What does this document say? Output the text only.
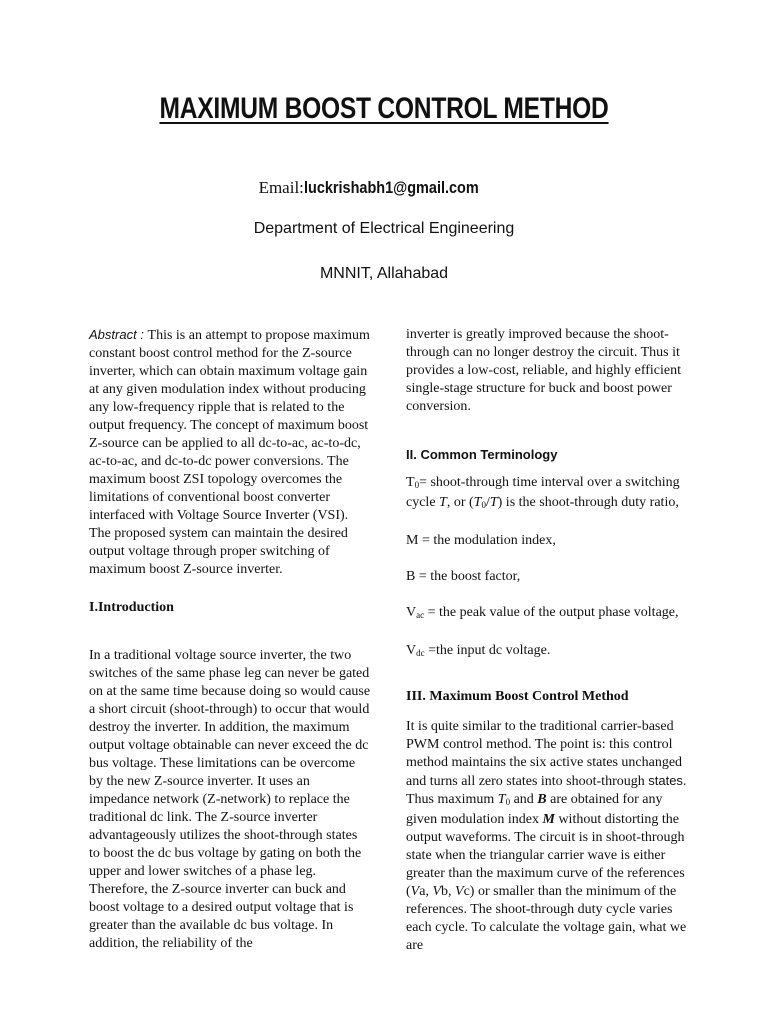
MAXIMUM BOOST CONTROL METHOD
Email:luckrishabh1@gmail.com
Department of Electrical Engineering
MNNIT, Allahabad

Abstract : This is an attempt to propose maximum constant boost control method for the Z-source inverter, which can obtain maximum voltage gain at any given modulation index without producing any low-frequency ripple that is related to the output frequency. The concept of maximum boost Z-source can be applied to all dc-to-ac, ac-to-dc, ac-to-ac, and dc-to-dc power conversions. The maximum boost ZSI topology overcomes the limitations of conventional boost converter interfaced with Voltage Source Inverter (VSI). The proposed system can maintain the desired output voltage through proper switching of maximum boost Z-source inverter.

I.Introduction

In a traditional voltage source inverter, the two switches of the same phase leg can never be gated on at the same time because doing so would cause a short circuit (shoot-through) to occur that would destroy the inverter. In addition, the maximum output voltage obtainable can never exceed the dc bus voltage. These limitations can be overcome by the new Z-source inverter. It uses an impedance network (Z-network) to replace the traditional dc link. The Z-source inverter advantageously utilizes the shoot-through states to boost the dc bus voltage by gating on both the upper and lower switches of a phase leg. Therefore, the Z-source inverter can buck and boost voltage to a desired output voltage that is greater than the available dc bus voltage. In addition, the reliability of the

inverter is greatly improved because the shoot-through can no longer destroy the circuit. Thus it provides a low-cost, reliable, and highly efficient single-stage structure for buck and boost power conversion.

II. Common Terminology

$T_0=$ shoot-through time interval over a switching cycle T, or $(T_0/T)$ is the shoot-through duty ratio,

M = the modulation index,

B = the boost factor,

$V_{ac}$ = the peak value of the output phase voltage,

$V_{dc} =the$ input dc voltage.

III. Maximum Boost Control Method

It is quite similar to the traditional carrier-based PWM control method. The point is: this control method maintains the six active states unchanged and turns all zero states into shoot-through states. Thus maximum $T_0$ and B are obtained for any given modulation index M without distorting the output waveforms. The circuit is in shoot-through state when the triangular carrier wave is either greater than the maximum curve of the references (Va, Vb, Vc) or smaller than the minimum of the references. The shoot-through duty cycle varies each cycle. To calculate the voltage gain, what we are
